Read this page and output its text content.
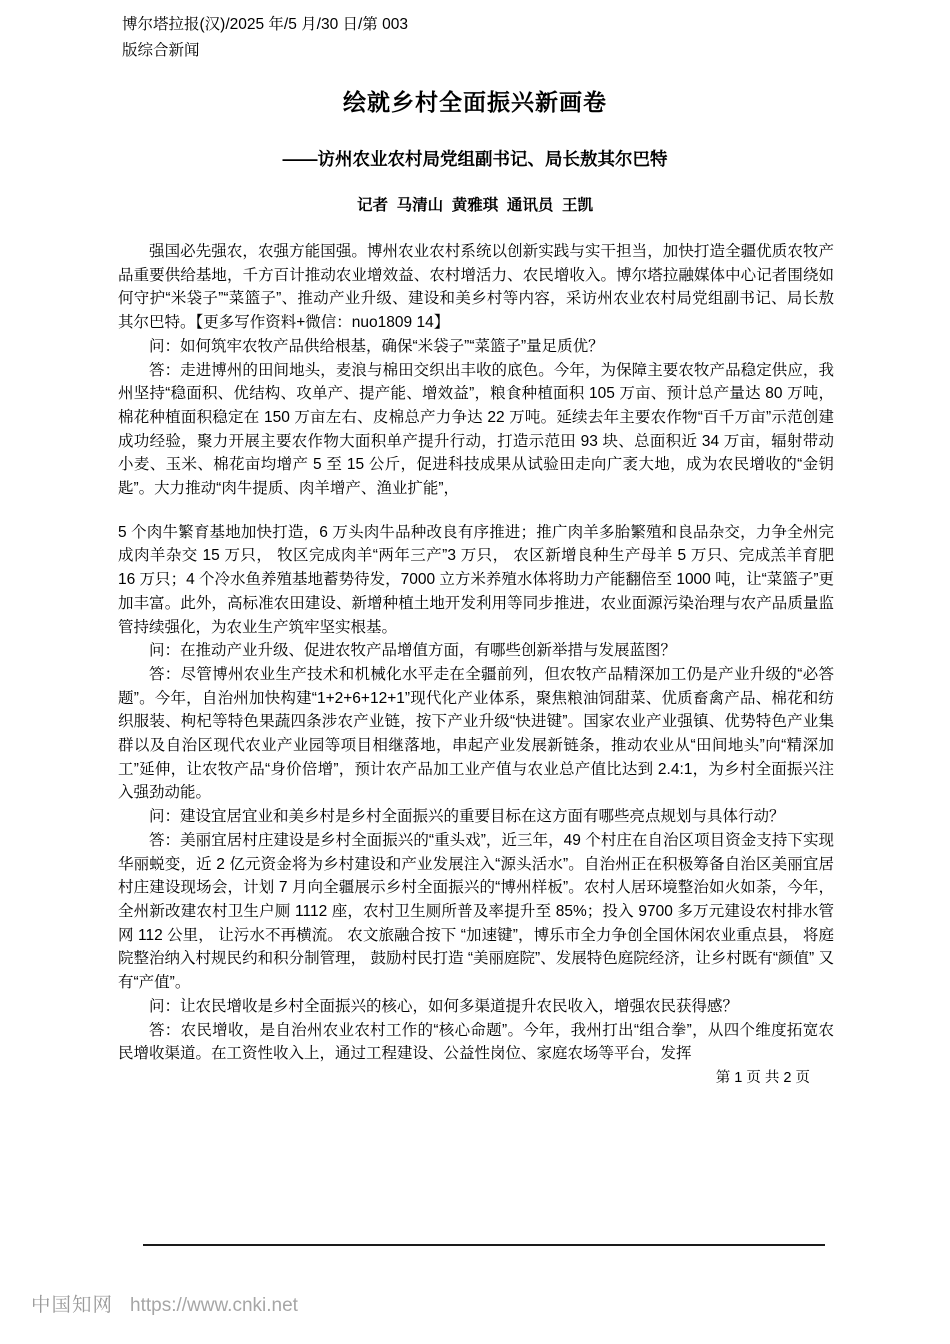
博尔塔拉报(汉)/2025 年/5 月/30 日/第 003
版综合新闻
绘就乡村全面振兴新画卷
——访州农业农村局党组副书记、局长敖其尔巴特
记者  马清山  黄雅琪  通讯员  王凯

强国必先强农，农强方能国强。博州农业农村系统以创新实践与实干担当，加快打造全疆优质农牧产品重要供给基地，千方百计推动农业增效益、农村增活力、农民增收入。博尔塔拉融媒体中心记者围绕如何守护“米袋子”“菜篮子”、推动产业升级、建设和美乡村等内容，采访州农业农村局党组副书记、局长敖其尔巴特。【更多写作资料+微信：nuo1809 14】

问：如何筑牢农牧产品供给根基，确保“米袋子”“菜篮子”量足质优？

答：走进博州的田间地头，麦浪与棉田交织出丰收的底色。今年，为保障主要农牧产品稳定供应，我州坚持“稳面积、优结构、攻单产、提产能、增效益”，粮食种植面积 105 万亩、预计总产量达 80 万吨，棉花种植面积稳定在 150 万亩左右、皮棉总产力争达 22 万吨。延续去年主要农作物“百千万亩”示范创建成功经验，聚力开展主要农作物大面积单产提升行动，打造示范田 93 块、总面积近 34 万亩，辐射带动小麦、玉米、棉花亩均增产 5 至 15 公斤，促进科技成果从试验田走向广袤大地，成为农民增收的“金钥匙”。大力推动“肉牛提质、肉羊增产、渔业扩能”，

5 个肉牛繁育基地加快打造，6 万头肉牛品种改良有序推进；推广肉羊多胎繁殖和良品杂交，力争全州完成肉羊杂交 15 万只， 牧区完成肉羊“两年三产”3 万只， 农区新增良种生产母羊 5 万只、完成羔羊育肥 16 万只；4 个冷水鱼养殖基地蓄势待发，7000 立方米养殖水体将助力产能翻倍至 1000 吨，让“菜篮子”更加丰富。此外，高标准农田建设、新增种植土地开发利用等同步推进，农业面源污染治理与农产品质量监管持续强化，为农业生产筑牢坚实根基。

问：在推动产业升级、促进农牧产品增值方面，有哪些创新举措与发展蓝图？

答：尽管博州农业生产技术和机械化水平走在全疆前列，但农牧产品精深加工仍是产业升级的“必答题”。今年，自治州加快构建“1+2+6+12+1”现代化产业体系，聚焦粮油饲甜菜、优质畜禽产品、棉花和纺织服装、枸杞等特色果蔬四条涉农产业链，按下产业升级“快进键”。国家农业产业强镇、优势特色产业集群以及自治区现代农业产业园等项目相继落地，串起产业发展新链条，推动农业从“田间地头”向“精深加工”延伸，让农牧产品“身价倍增”，预计农产品加工业产值与农业总产值比达到 2.4:1，为乡村全面振兴注入强劲动能。

问：建设宜居宜业和美乡村是乡村全面振兴的重要目标在这方面有哪些亮点规划与具体行动？

答：美丽宜居村庄建设是乡村全面振兴的“重头戏”，近三年，49 个村庄在自治区项目资金支持下实现华丽蜕变，近 2 亿元资金将为乡村建设和产业发展注入“源头活水”。自治州正在积极筹备自治区美丽宜居村庄建设现场会，计划 7 月向全疆展示乡村全面振兴的“博州样板”。农村人居环境整治如火如荼，今年，全州新改建农村卫生户厕 1112 座，农村卫生厕所普及率提升至 85%；投入 9700 多万元建设农村排水管网 112 公里， 让污水不再横流。 农文旅融合按下 “加速键”，博乐市全力争创全国休闲农业重点县， 将庭院整治纳入村规民约和积分制管理， 鼓励村民打造 “美丽庭院”、发展特色庭院经济，让乡村既有“颜值” 又有“产值”。

问：让农民增收是乡村全面振兴的核心，如何多渠道提升农民收入，增强农民获得感？

答：农民增收，是自治州农业农村工作的“核心命题”。今年，我州打出“组合拳”，从四个维度拓宽农民增收渠道。在工资性收入上，通过工程建设、公益性岗位、家庭农场等平台，发挥

第 1 页 共 2 页
中国知网 https://www.cnki.net
